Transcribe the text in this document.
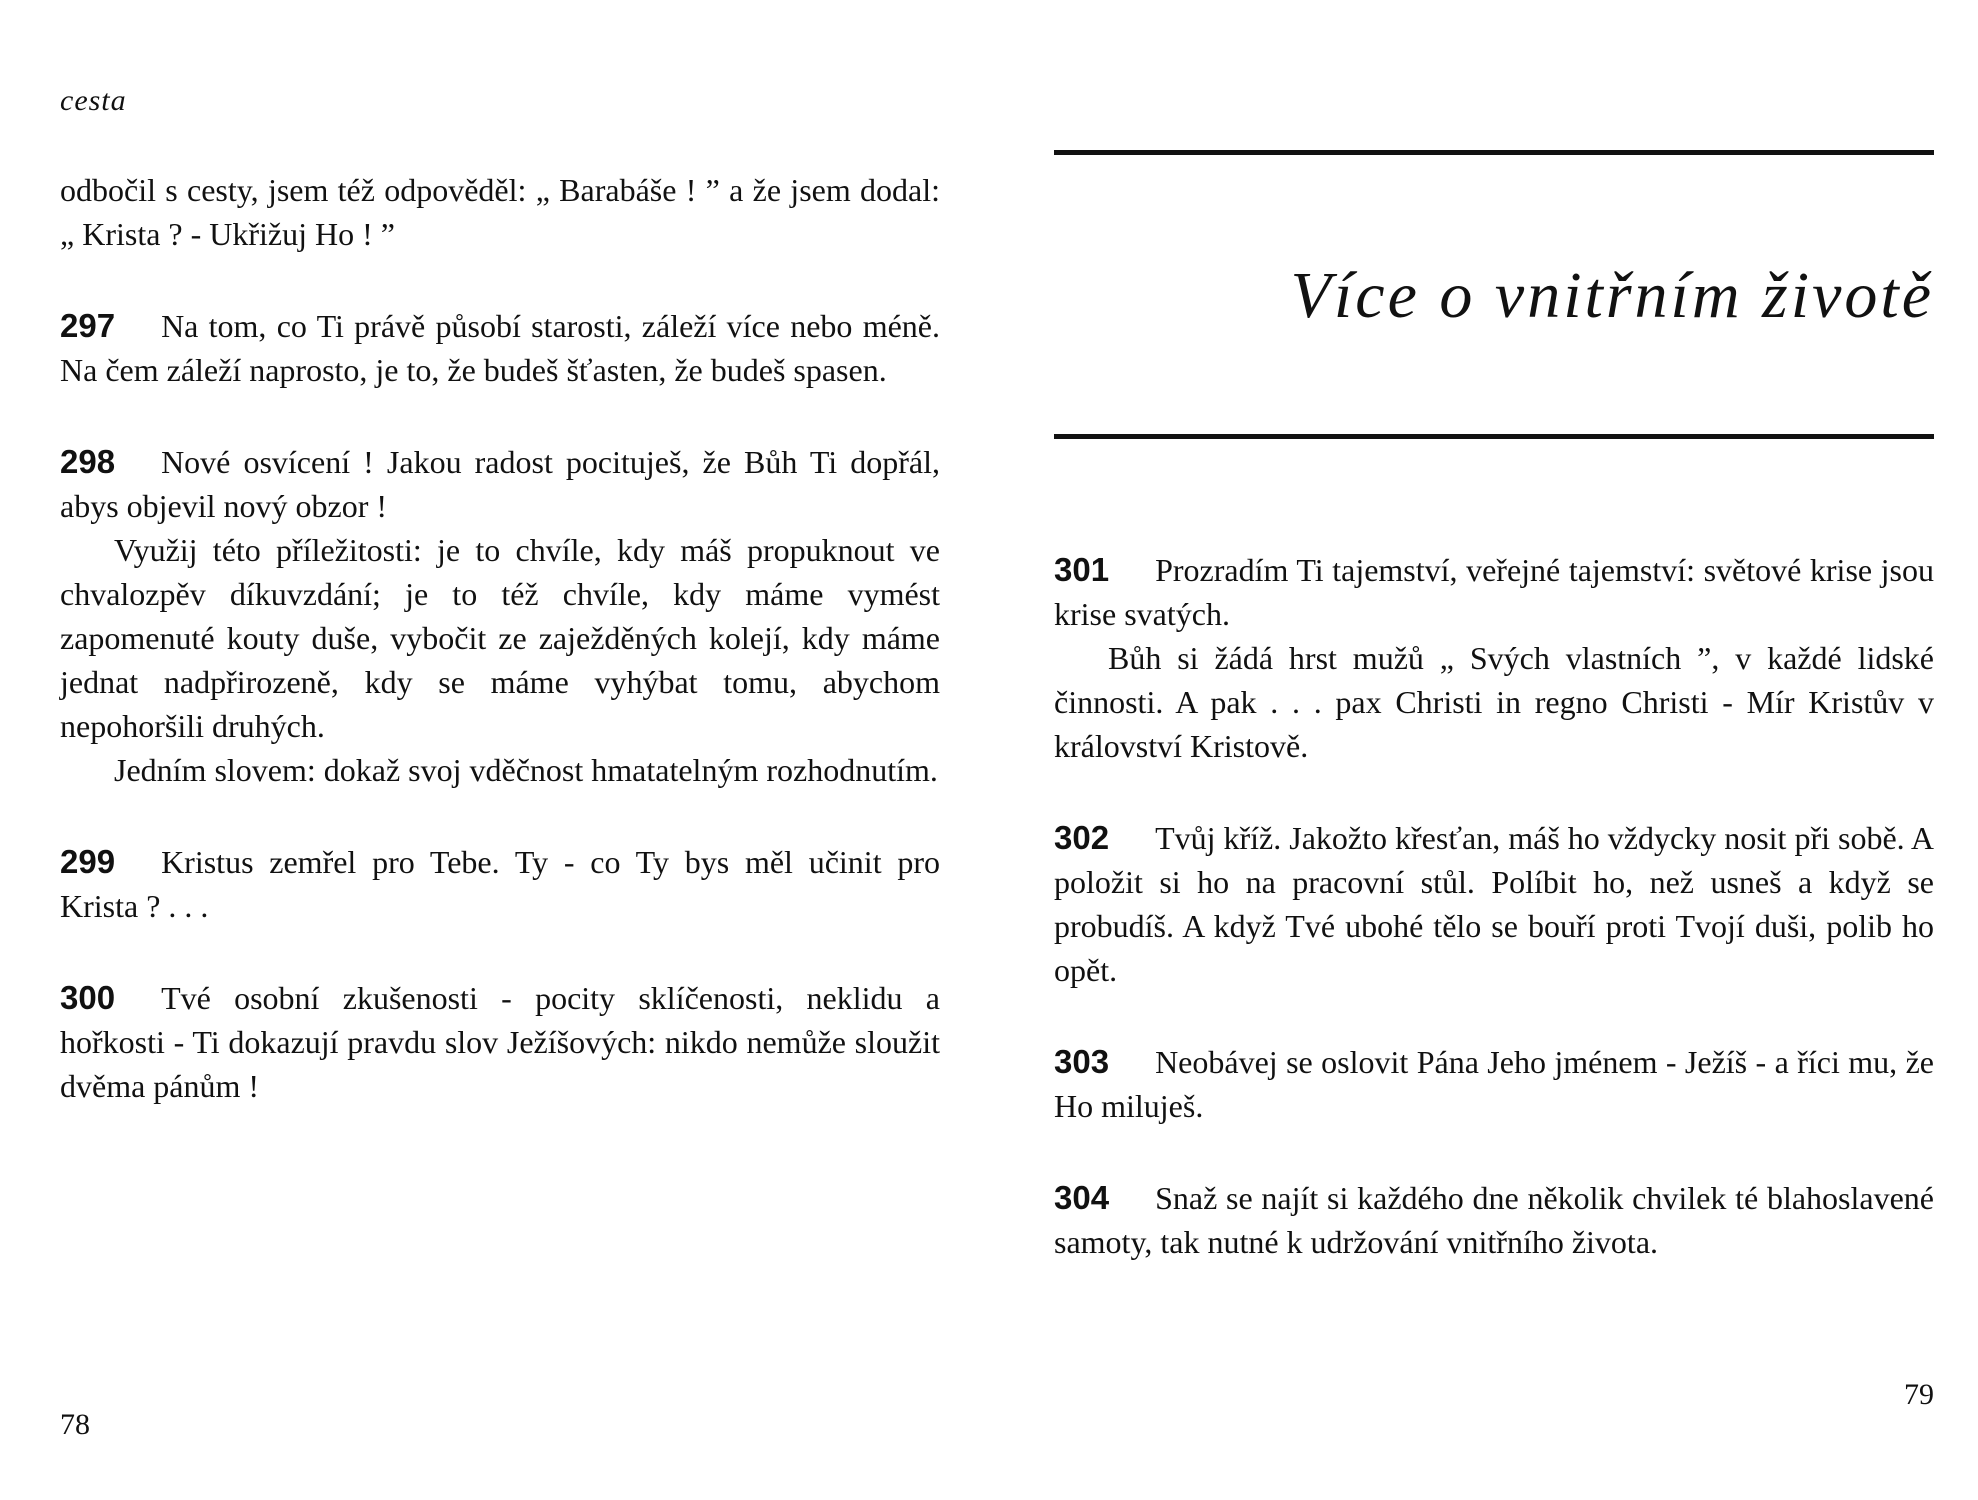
cesta

odbočil s cesty, jsem též odpověděl: „ Barabáše ! ” a že jsem dodal: „ Krista ? - Ukřižuj Ho ! ”

297 Na tom, co Ti právě působí starosti, záleží více nebo méně. Na čem záleží naprosto, je to, že budeš šťasten, že budeš spasen.

298 Nové osvícení ! Jakou radost pocituješ, že Bůh Ti dopřál, abys objevil nový obzor !

Využij této příležitosti: je to chvíle, kdy máš propuknout ve chvalozpěv díkuvzdání; je to též chvíle, kdy máme vymést zapomenuté kouty duše, vybočit ze zaježděných kolejí, kdy máme jednat nadpřirozeně, kdy se máme vyhýbat tomu, abychom nepohoršili druhých.

Jedním slovem: dokaž svoj vděčnost hmatatelným rozhodnutím.

299 Kristus zemřel pro Tebe. Ty - co Ty bys měl učinit pro Krista ? . . .

300 Tvé osobní zkušenosti - pocity sklíčenosti, neklidu a hořkosti - Ti dokazují pravdu slov Ježíšových: nikdo nemůže sloužit dvěma pánům !

78
Více o vnitřním životě

301 Prozradím Ti tajemství, veřejné tajemství: světové krise jsou krise svatých.

Bůh si žádá hrst mužů „ Svých vlastních ”, v každé lidské činnosti. A pak . . . pax Christi in regno Christi - Mír Kristův v království Kristově.

302 Tvůj kříž. Jakožto křesťan, máš ho vždycky nosit při sobě. A položit si ho na pracovní stůl. Políbit ho, než usneš a když se probudíš. A když Tvé ubohé tělo se bouří proti Tvojí duši, polib ho opět.

303 Neobávej se oslovit Pána Jeho jménem - Ježíš - a říci mu, že Ho miluješ.

304 Snaž se najít si každého dne několik chvilek té blahoslavené samoty, tak nutné k udržování vnitřního života.

79
